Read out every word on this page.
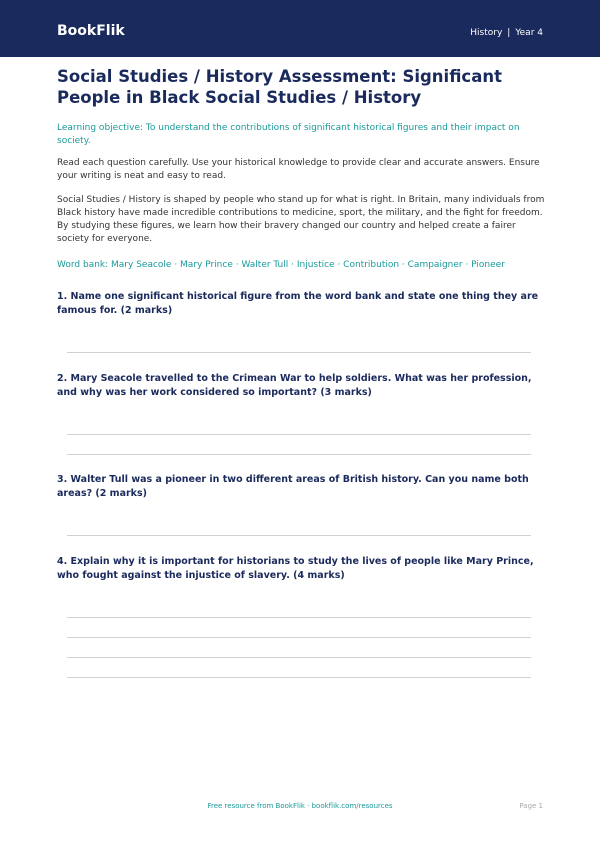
BookFlik	History | Year 4
Social Studies / History Assessment: Significant People in Black Social Studies / History

Learning objective: To understand the contributions of significant historical figures and their impact on society.

Read each question carefully. Use your historical knowledge to provide clear and accurate answers. Ensure your writing is neat and easy to read.

Social Studies / History is shaped by people who stand up for what is right. In Britain, many individuals from Black history have made incredible contributions to medicine, sport, the military, and the fight for freedom. By studying these figures, we learn how their bravery changed our country and helped create a fairer society for everyone.

Word bank: Mary Seacole · Mary Prince · Walter Tull · Injustice · Contribution · Campaigner · Pioneer

1. Name one significant historical figure from the word bank and state one thing they are famous for. (2 marks)

2. Mary Seacole travelled to the Crimean War to help soldiers. What was her profession, and why was her work considered so important? (3 marks)

3. Walter Tull was a pioneer in two different areas of British history. Can you name both areas? (2 marks)

4. Explain why it is important for historians to study the lives of people like Mary Prince, who fought against the injustice of slavery. (4 marks)

Free resource from BookFlik · bookflik.com/resources	Page 1
